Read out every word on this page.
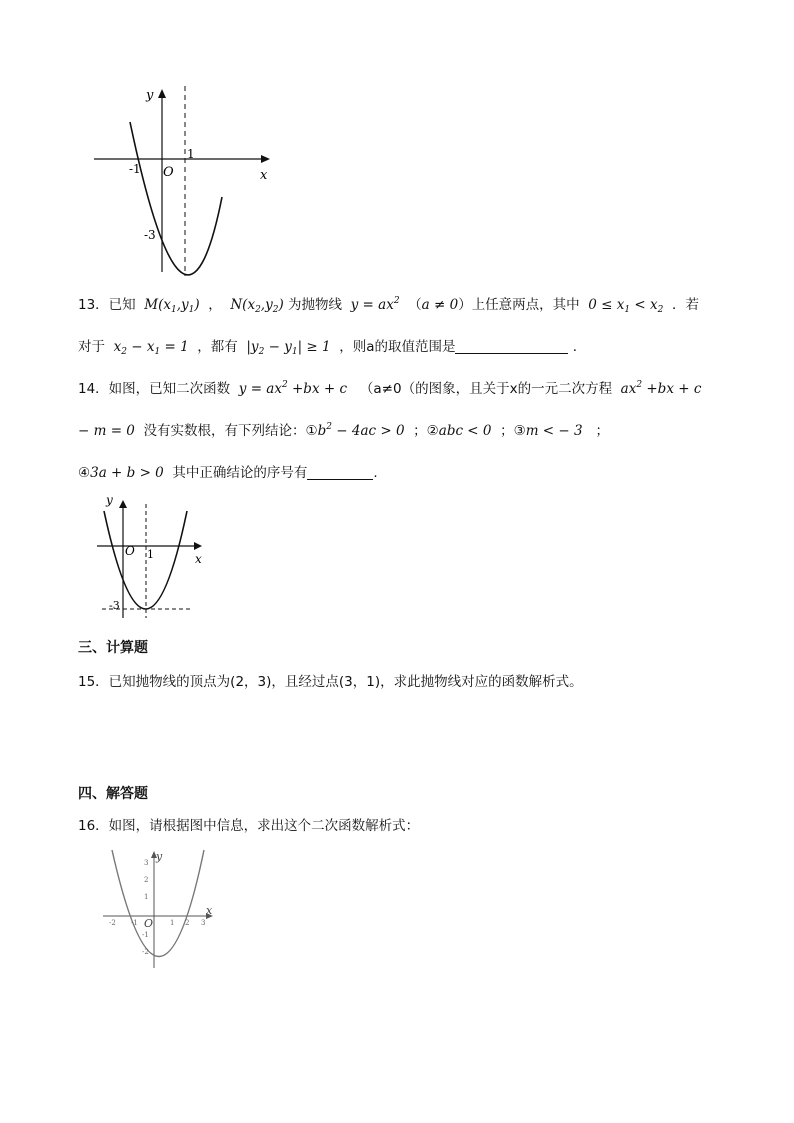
y
x
O
-1
1
-3
13．已知 $M(x_1,y_1)$ ， $N(x_2,y_2)$ 为抛物线 $y = ax^2$ （a ≠ 0）上任意两点，其中 $0 \le x_1 < x_2$ ．若
对于 $x_2 - x_1 = 1$ ，都有 $|y_2 - y_1| \ge 1$ ，则a的取值范围是	．
14．如图，已知二次函数 $y = ax^2 +bx + c$ （a≠0（的图象，且关于x的一元二次方程 $ax^2 +bx + c$
− m = 0 没有实数根，有下列结论：$①b^2 - 4ac > 0$ ；②abc < 0 ；③m < − 3 ；
④3a + b > 0 其中正确结论的序号有	.
y
x
O 1
-3
三、计算题
15．已知抛物线的顶点为(2，3)，且经过点(3，1)，求此抛物线对应的函数解析式。
四、解答题
16．如图，请根据图中信息，求出这个二次函数解析式：
y
x
O
-2 -1	1 2 3
3
2
1
-1
-2
